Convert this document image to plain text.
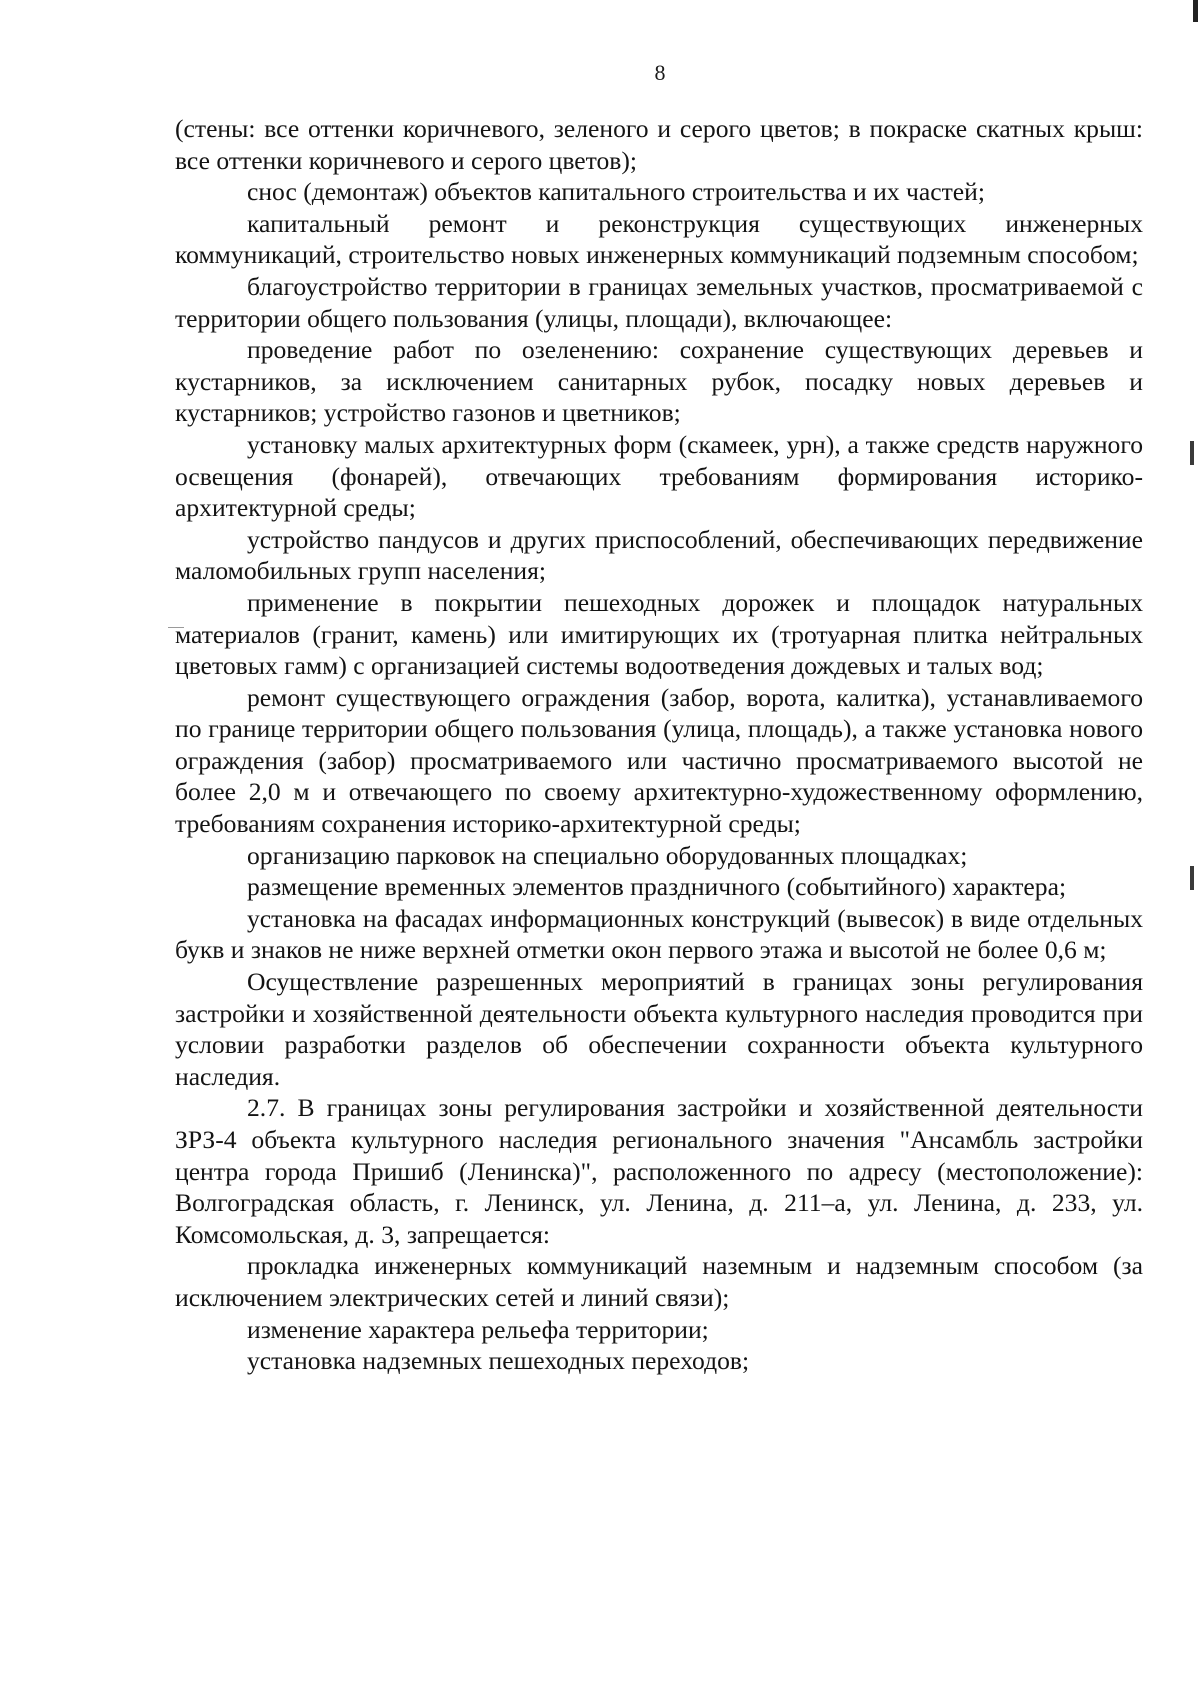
8

(стены: все оттенки коричневого, зеленого и серого цветов; в покраске скатных крыш: все оттенки коричневого и серого цветов);

снос (демонтаж) объектов капитального строительства и их частей;

капитальный ремонт и реконструкция существующих инженерных коммуникаций, строительство новых инженерных коммуникаций подземным способом;

благоустройство территории в границах земельных участков, просматриваемой с территории общего пользования (улицы, площади), включающее:

проведение работ по озеленению: сохранение существующих деревьев и кустарников, за исключением санитарных рубок, посадку новых деревьев и кустарников; устройство газонов и цветников;

установку малых архитектурных форм (скамеек, урн), а также средств наружного освещения (фонарей), отвечающих требованиям формирования историко-архитектурной среды;

устройство пандусов и других приспособлений, обеспечивающих передвижение маломобильных групп населения;

применение в покрытии пешеходных дорожек и площадок натуральных материалов (гранит, камень) или имитирующих их (тротуарная плитка нейтральных цветовых гамм) с организацией системы водоотведения дождевых и талых вод;

ремонт существующего ограждения (забор, ворота, калитка), устанавливаемого по границе территории общего пользования (улица, площадь), а также установка нового ограждения (забор) просматриваемого или частично просматриваемого высотой не более 2,0 м и отвечающего по своему архитектурно-художественному оформлению, требованиям сохранения историко-архитектурной среды;

организацию парковок на специально оборудованных площадках;

размещение временных элементов праздничного (событийного) характера;

установка на фасадах информационных конструкций (вывесок) в виде отдельных букв и знаков не ниже верхней отметки окон первого этажа и высотой не более 0,6 м;

Осуществление разрешенных мероприятий в границах зоны регулирования застройки и хозяйственной деятельности объекта культурного наследия проводится при условии разработки разделов об обеспечении сохранности объекта культурного наследия.

2.7. В границах зоны регулирования застройки и хозяйственной деятельности ЗРЗ-4 объекта культурного наследия регионального значения "Ансамбль застройки центра города Пришиб (Ленинска)", расположенного по адресу (местоположение): Волгоградская область, г. Ленинск, ул. Ленина, д. 211–а, ул. Ленина, д. 233, ул. Комсомольская, д. 3, запрещается:

прокладка инженерных коммуникаций наземным и надземным способом (за исключением электрических сетей и линий связи);

изменение характера рельефа территории;

установка надземных пешеходных переходов;
